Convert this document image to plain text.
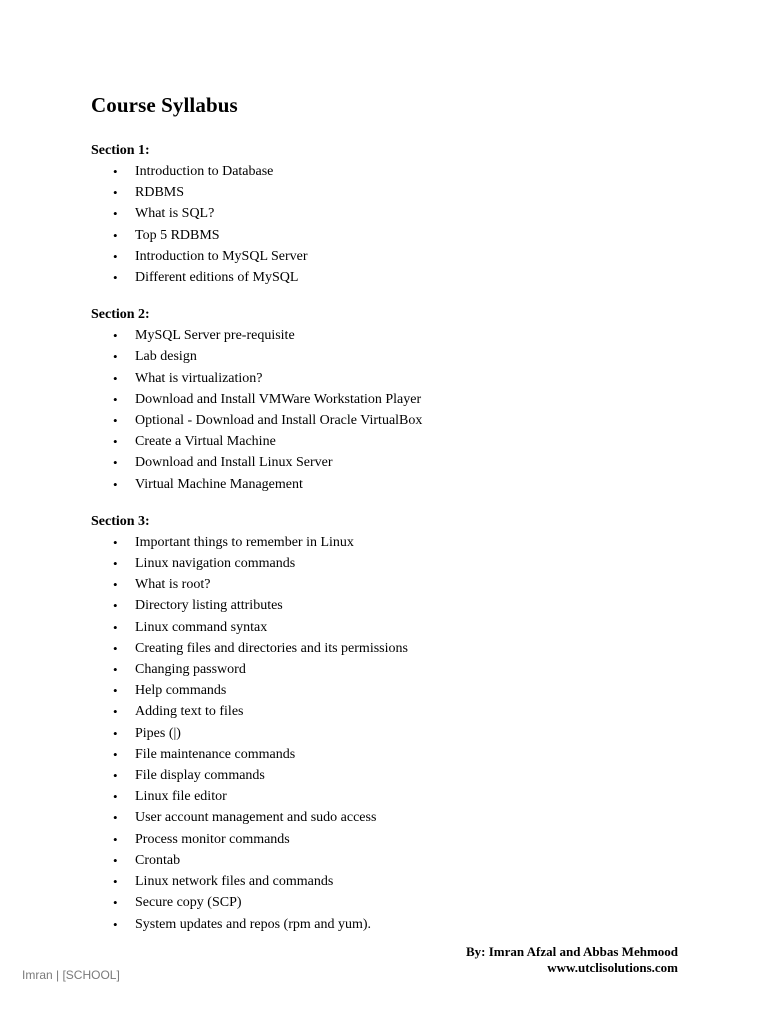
Course Syllabus
Section 1:
• Introduction to Database
• RDBMS
• What is SQL?
• Top 5 RDBMS
• Introduction to MySQL Server
• Different editions of MySQL
Section 2:
• MySQL Server pre-requisite
• Lab design
• What is virtualization?
• Download and Install VMWare Workstation Player
• Optional - Download and Install Oracle VirtualBox
• Create a Virtual Machine
• Download and Install Linux Server
• Virtual Machine Management
Section 3:
• Important things to remember in Linux
• Linux navigation commands
• What is root?
• Directory listing attributes
• Linux command syntax
• Creating files and directories and its permissions
• Changing password
• Help commands
• Adding text to files
• Pipes (|)
• File maintenance commands
• File display commands
• Linux file editor
• User account management and sudo access
• Process monitor commands
• Crontab
• Linux network files and commands
• Secure copy (SCP)
• System updates and repos (rpm and yum).
By: Imran Afzal and Abbas Mehmood
www.utclisolutions.com
Imran | [SCHOOL]
